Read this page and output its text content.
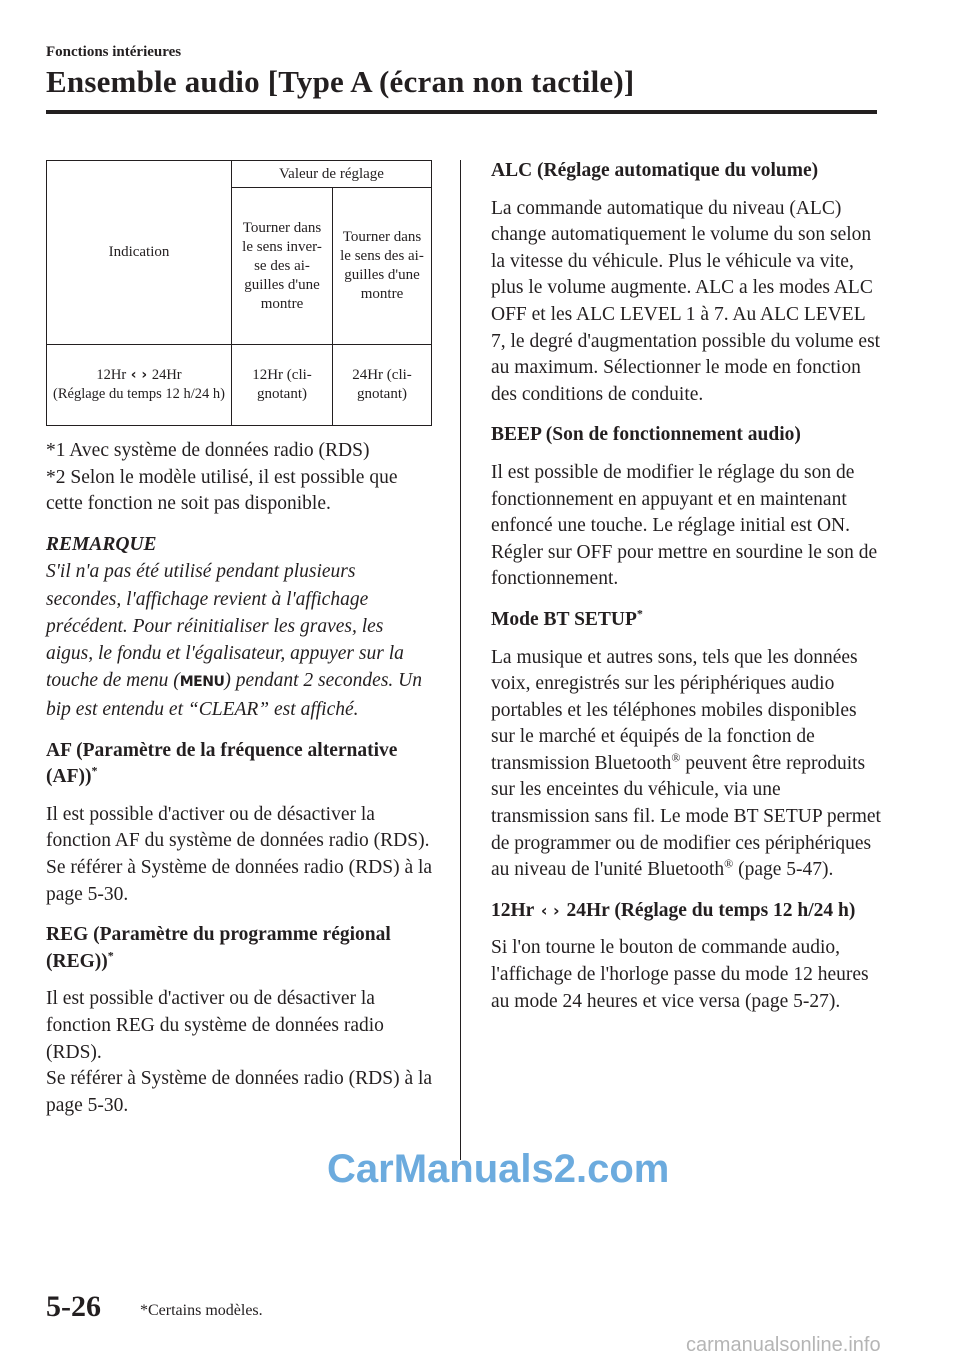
Fonctions intérieures
Ensemble audio [Type A (écran non tactile)]
Indication	Valeur de réglage	
	Tourner dans le sens inver-se des ai-guilles d'une montre	Tourner dans le sens des ai-guilles d'une montre
12Hr ‹ › 24Hr
(Réglage du temps 12 h/24 h)	12Hr (cli-gnotant)	24Hr (cli-gnotant)

*1 Avec système de données radio (RDS)

*2 Selon le modèle utilisé, il est possible que cette fonction ne soit pas disponible.

REMARQUE

S'il n'a pas été utilisé pendant plusieurs secondes, l'affichage revient à l'affichage précédent. Pour réinitialiser les graves, les aigus, le fondu et l'égalisateur, appuyer sur la touche de menu (MENU) pendant 2 secondes. Un bip est entendu et “CLEAR” est affiché.

AF (Paramètre de la fréquence alternative (AF))*

Il est possible d'activer ou de désactiver la fonction AF du système de données radio (RDS).

Se référer à Système de données radio (RDS) à la page 5-30.

REG (Paramètre du programme régional (REG))*

Il est possible d'activer ou de désactiver la fonction REG du système de données radio (RDS).

Se référer à Système de données radio (RDS) à la page 5-30.

ALC (Réglage automatique du volume)

La commande automatique du niveau (ALC) change automatiquement le volume du son selon la vitesse du véhicule. Plus le véhicule va vite, plus le volume augmente. ALC a les modes ALC OFF et les ALC LEVEL 1 à 7. Au ALC LEVEL 7, le degré d'augmentation possible du volume est au maximum. Sélectionner le mode en fonction des conditions de conduite.

BEEP (Son de fonctionnement audio)

Il est possible de modifier le réglage du son de fonctionnement en appuyant et en maintenant enfoncé une touche. Le réglage initial est ON. Régler sur OFF pour mettre en sourdine le son de fonctionnement.

Mode BT SETUP*

La musique et autres sons, tels que les données voix, enregistrés sur les périphériques audio portables et les téléphones mobiles disponibles sur le marché et équipés de la fonction de transmission Bluetooth® peuvent être reproduits sur les enceintes du véhicule, via une transmission sans fil. Le mode BT SETUP permet de programmer ou de modifier ces périphériques au niveau de l'unité Bluetooth® (page 5-47).

12Hr ‹ › 24Hr (Réglage du temps 12 h/24 h)

Si l'on tourne le bouton de commande audio, l'affichage de l'horloge passe du mode 12 heures au mode 24 heures et vice versa (page 5-27).

CarManuals2.com
5-26 *Certains modèles.
carmanualsonline.info
